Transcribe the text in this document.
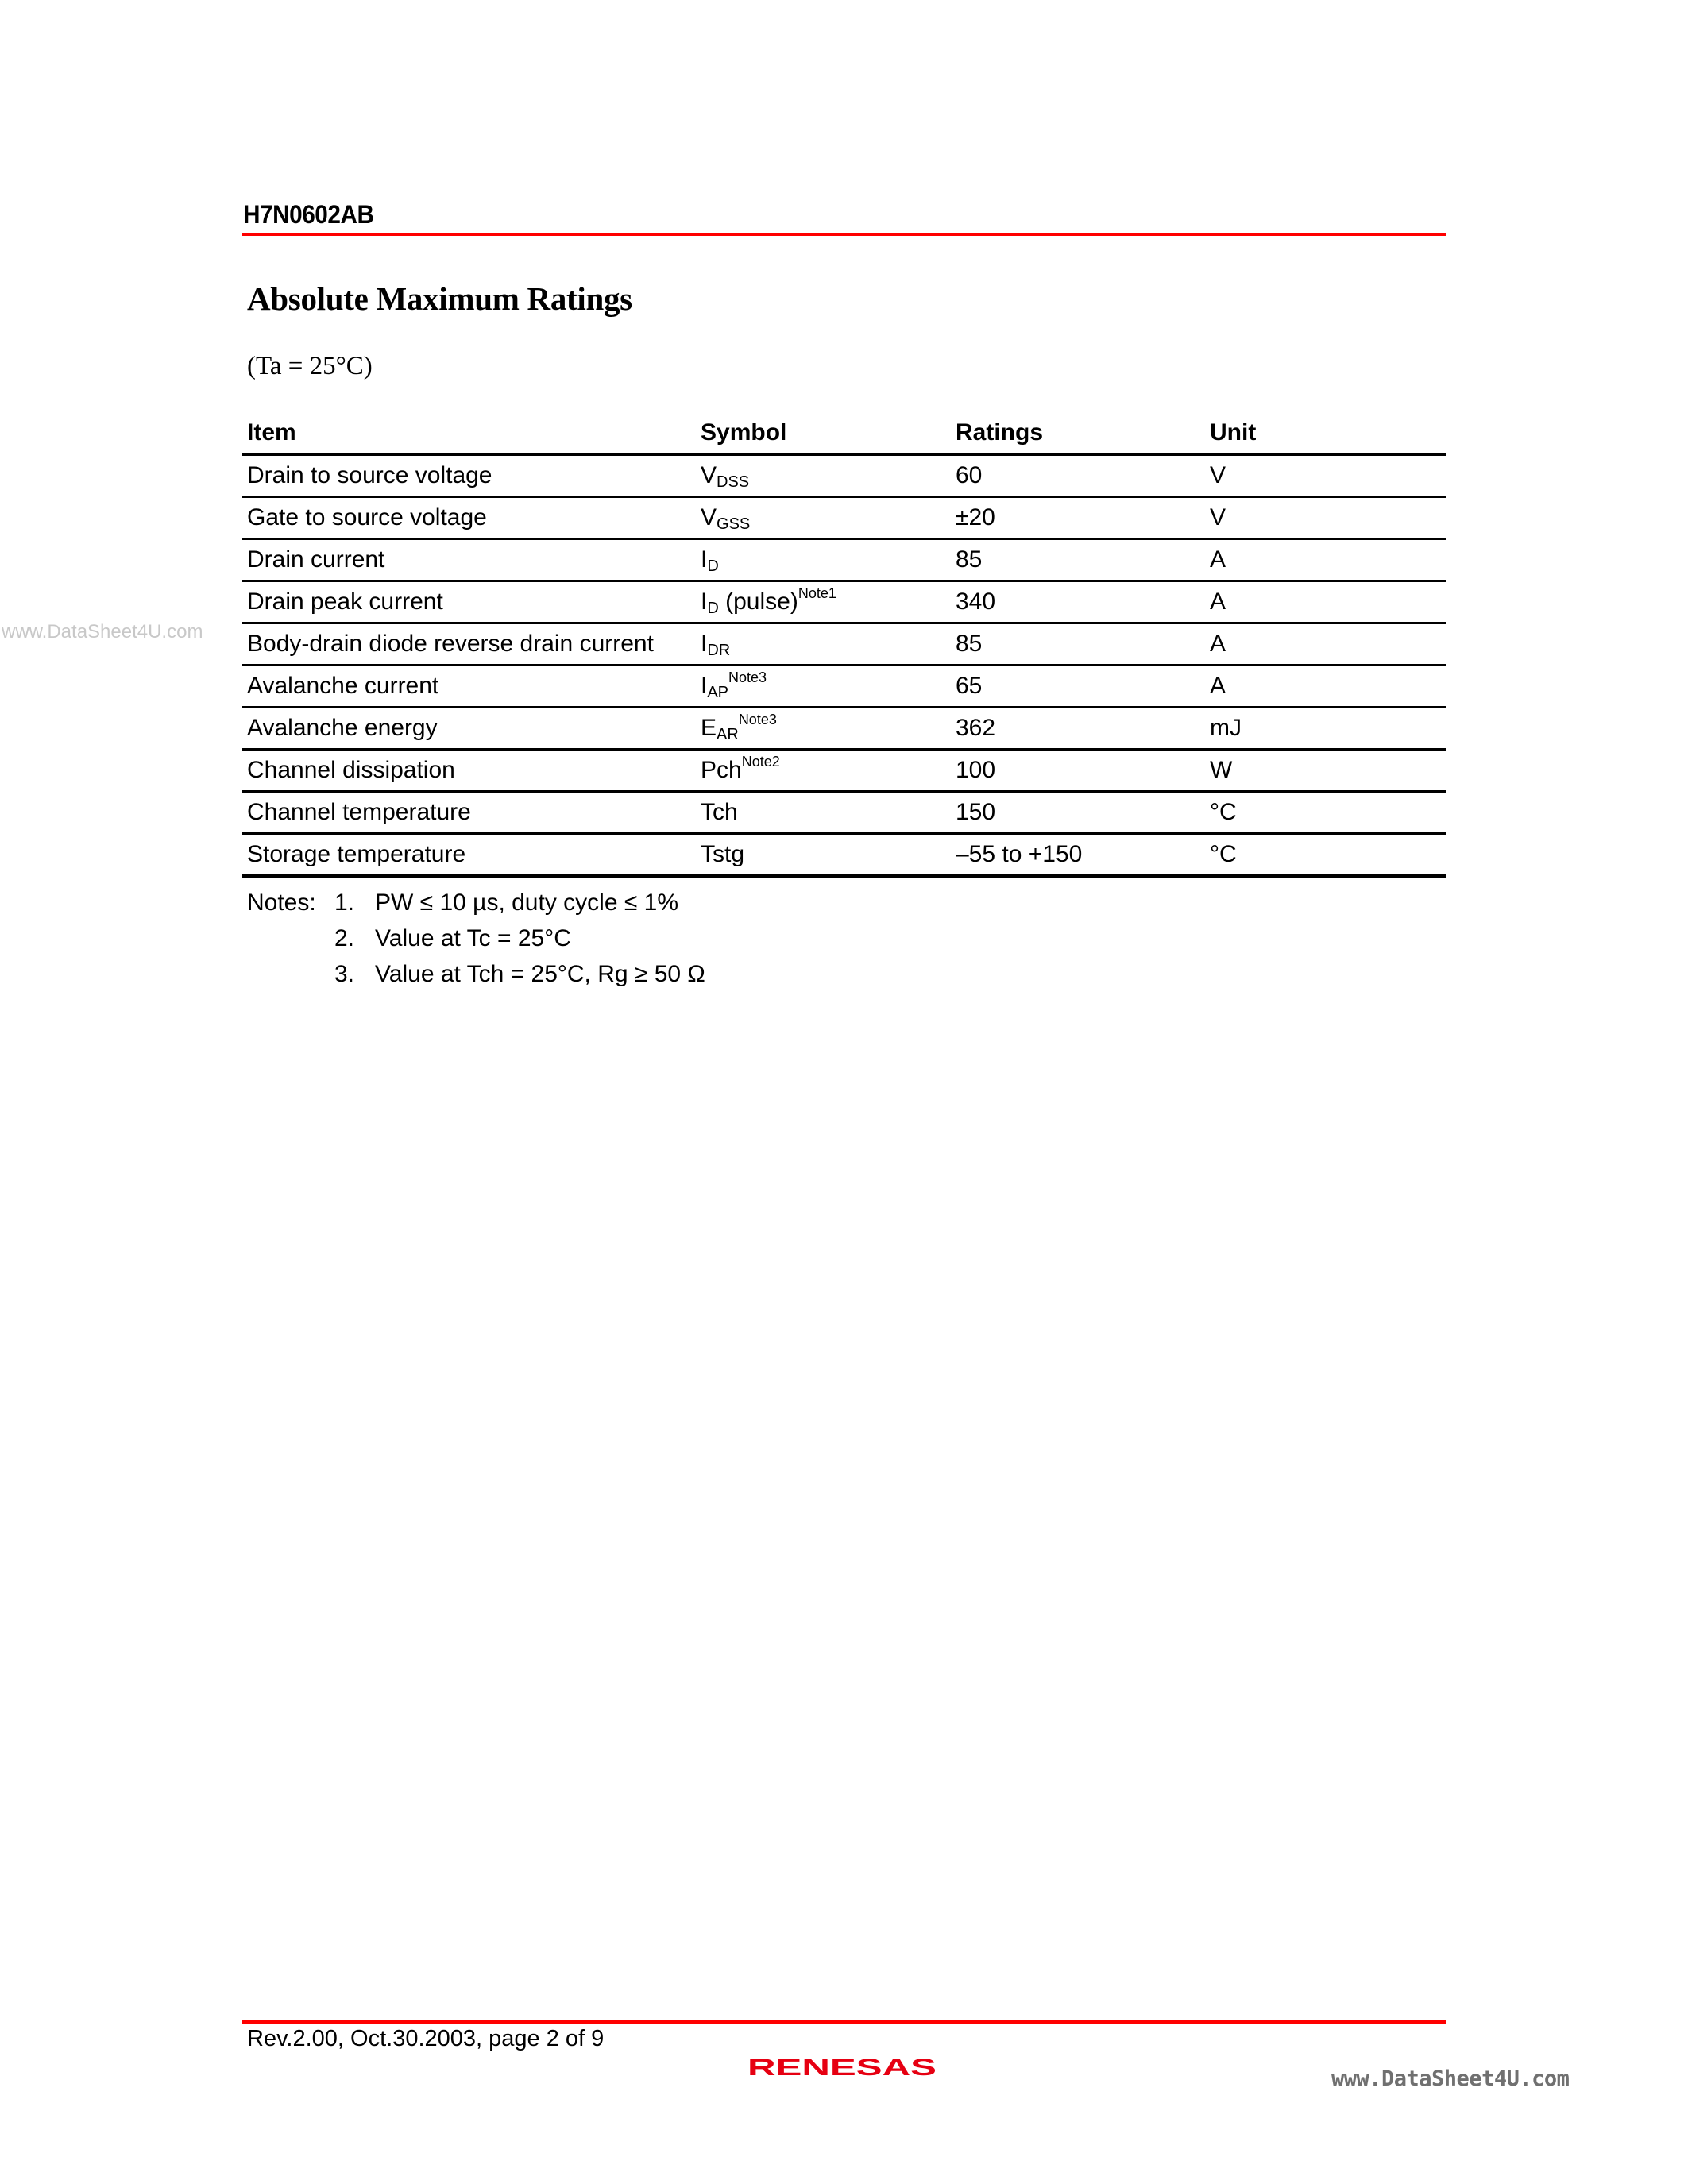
H7N0602AB
Absolute Maximum Ratings
(Ta = 25°C)
www.DataSheet4U.com
Item	Symbol	Ratings	Unit
Drain to source voltage	$V_{DSS}$	60	V
Gate to source voltage	$V_{GSS}$	±20	V
Drain current	$I_D$	85	A
Drain peak current	$I_D$ (pulse)$^{Note1}$	340	A
Body-drain diode reverse drain current	$I_{DR}$	85	A
Avalanche current	$I_{AP}^{Note3}$	65	A
Avalanche energy	$E_{AR}^{Note3}$	362	mJ
Channel dissipation	Pch$^{Note2}$	100	W
Channel temperature	Tch	150	°C
Storage temperature	Tstg	–55 to +150	°C
Notes: 1. PW ≤ 10 µs, duty cycle ≤ 1%
2. Value at Tc = 25°C
3. Value at Tch = 25°C, Rg ≥ 50 Ω
Rev.2.00, Oct.30.2003, page 2 of 9
RENESAS	www.DataSheet4U.com
